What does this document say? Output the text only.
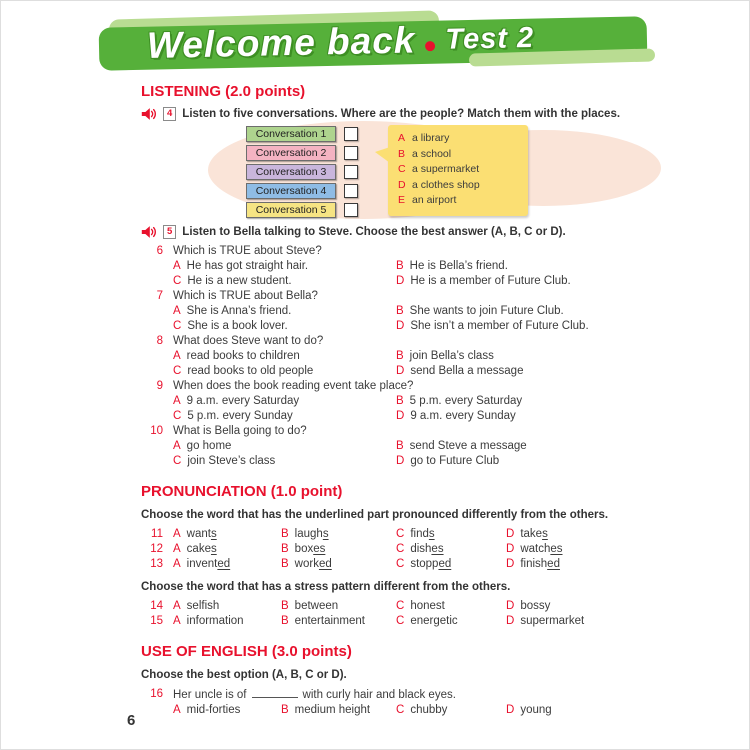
Welcome back Test 2
LISTENING (2.0 points)
4 Listen to five conversations. Where are the people? Match them with the places.
Conversation 1
Conversation 2
Conversation 3
Conversation 4
Conversation 5
A a library
B a school
C a supermarket
D a clothes shop
E an airport
5 Listen to Bella talking to Steve. Choose the best answer (A, B, C or D).
6 Which is TRUE about Steve?
A He has got straight hair.	B He is Bella’s friend.
C He is a new student.	D He is a member of Future Club.
7 Which is TRUE about Bella?
A She is Anna’s friend.	B She wants to join Future Club.
C She is a book lover.	D She isn’t a member of Future Club.
8 What does Steve want to do?
A read books to children	B join Bella’s class
C read books to old people	D send Bella a message
9 When does the book reading event take place?
A 9 a.m. every Saturday	B 5 p.m. every Saturday
C 5 p.m. every Sunday	D 9 a.m. every Sunday
10 What is Bella going to do?
A go home	B send Steve a message
C join Steve’s class	D go to Future Club
PRONUNCIATION (1.0 point)

Choose the word that has the underlined part pronounced differently from the others.

11 A wants	B laughs	C finds	D takes
12 A cakes	B boxes	C dishes	D watches
13 A invented	B worked	C stopped	D finished

Choose the word that has a stress pattern different from the others.

14 A selfish	B between	C honest	D bossy
15 A information	B entertainment	C energetic	D supermarket
USE OF ENGLISH (3.0 points)

Choose the best option (A, B, C or D).

16 Her uncle is of	with curly hair and black eyes.
A mid-forties	B medium height C chubby	D young
6
